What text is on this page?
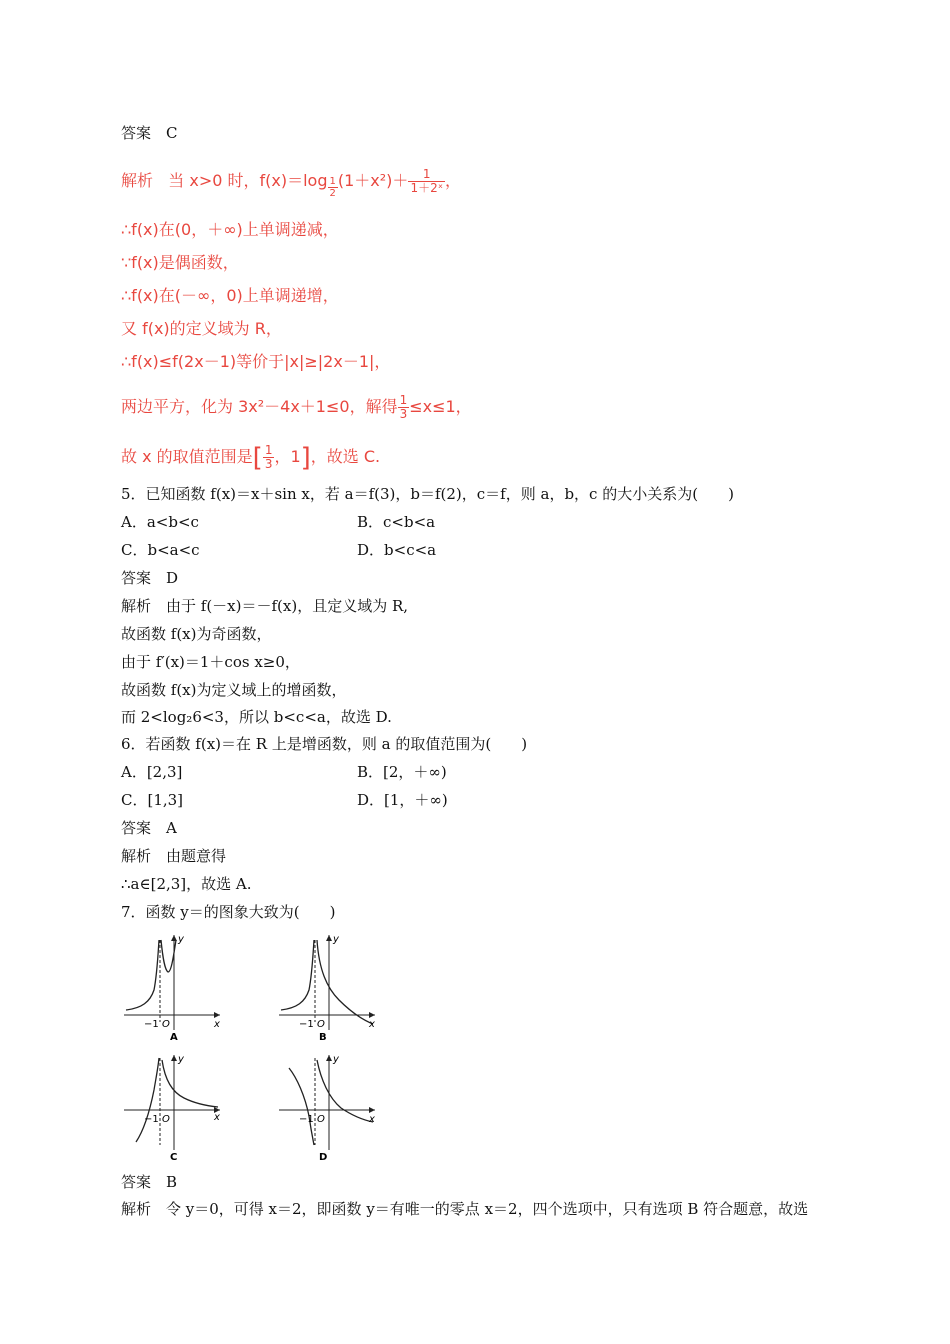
答案　C
解析 当 x>0 时，$f(x)=\log \frac{1}{2} (1+x^2)+ \frac{1}{\text{1＋2ˣ}}$ ，
∴f(x)在(0，＋∞)上单调递减，
∵f(x)是偶函数，
∴f(x)在(－∞，0)上单调递增，
又 f(x)的定义域为 R，
∴f(x)≤f(2x－1)等价于|x|≥|2x－1|，
两边平方，化为 3x²－4x＋1≤0，解得 $\frac{1}{3} \le x\le 1$，
故 x 的取值范围是[ $\frac{1}{3}$ ，1]，故选 C.
5．已知函数 f(x)＝x＋sin x，若 a＝f(3)，b＝f(2)，c＝f，则 a，b，c 的大小关系为(　　)
A．a<b<c	B．c<b<a
C．b<a<c	D．b<c<a
答案　D
解析　由于 f(－x)＝－f(x)，且定义域为 R,
故函数 f(x)为奇函数，
由于 f′(x)＝1＋cos x≥0，
故函数 f(x)为定义域上的增函数，
而 2<log₂6<3，所以 b<c<a，故选 D.
6．若函数 f(x)＝在 R 上是增函数，则 a 的取值范围为(　　)
A．[2,3]	B．[2，＋∞)
C．[1,3]	D．[1，＋∞)
答案　A
解析　由题意得
∴a∈[2,3]，故选 A.
7．函数 y＝的图象大致为(　　)
y
x
−1 O
A
y
x
−1 O
B
y
x
−1 O
C
y
x
−1 O
D
答案　B
解析　令 y＝0，可得 x＝2，即函数 y＝有唯一的零点 x＝2，四个选项中，只有选项 B 符合题意，故选
